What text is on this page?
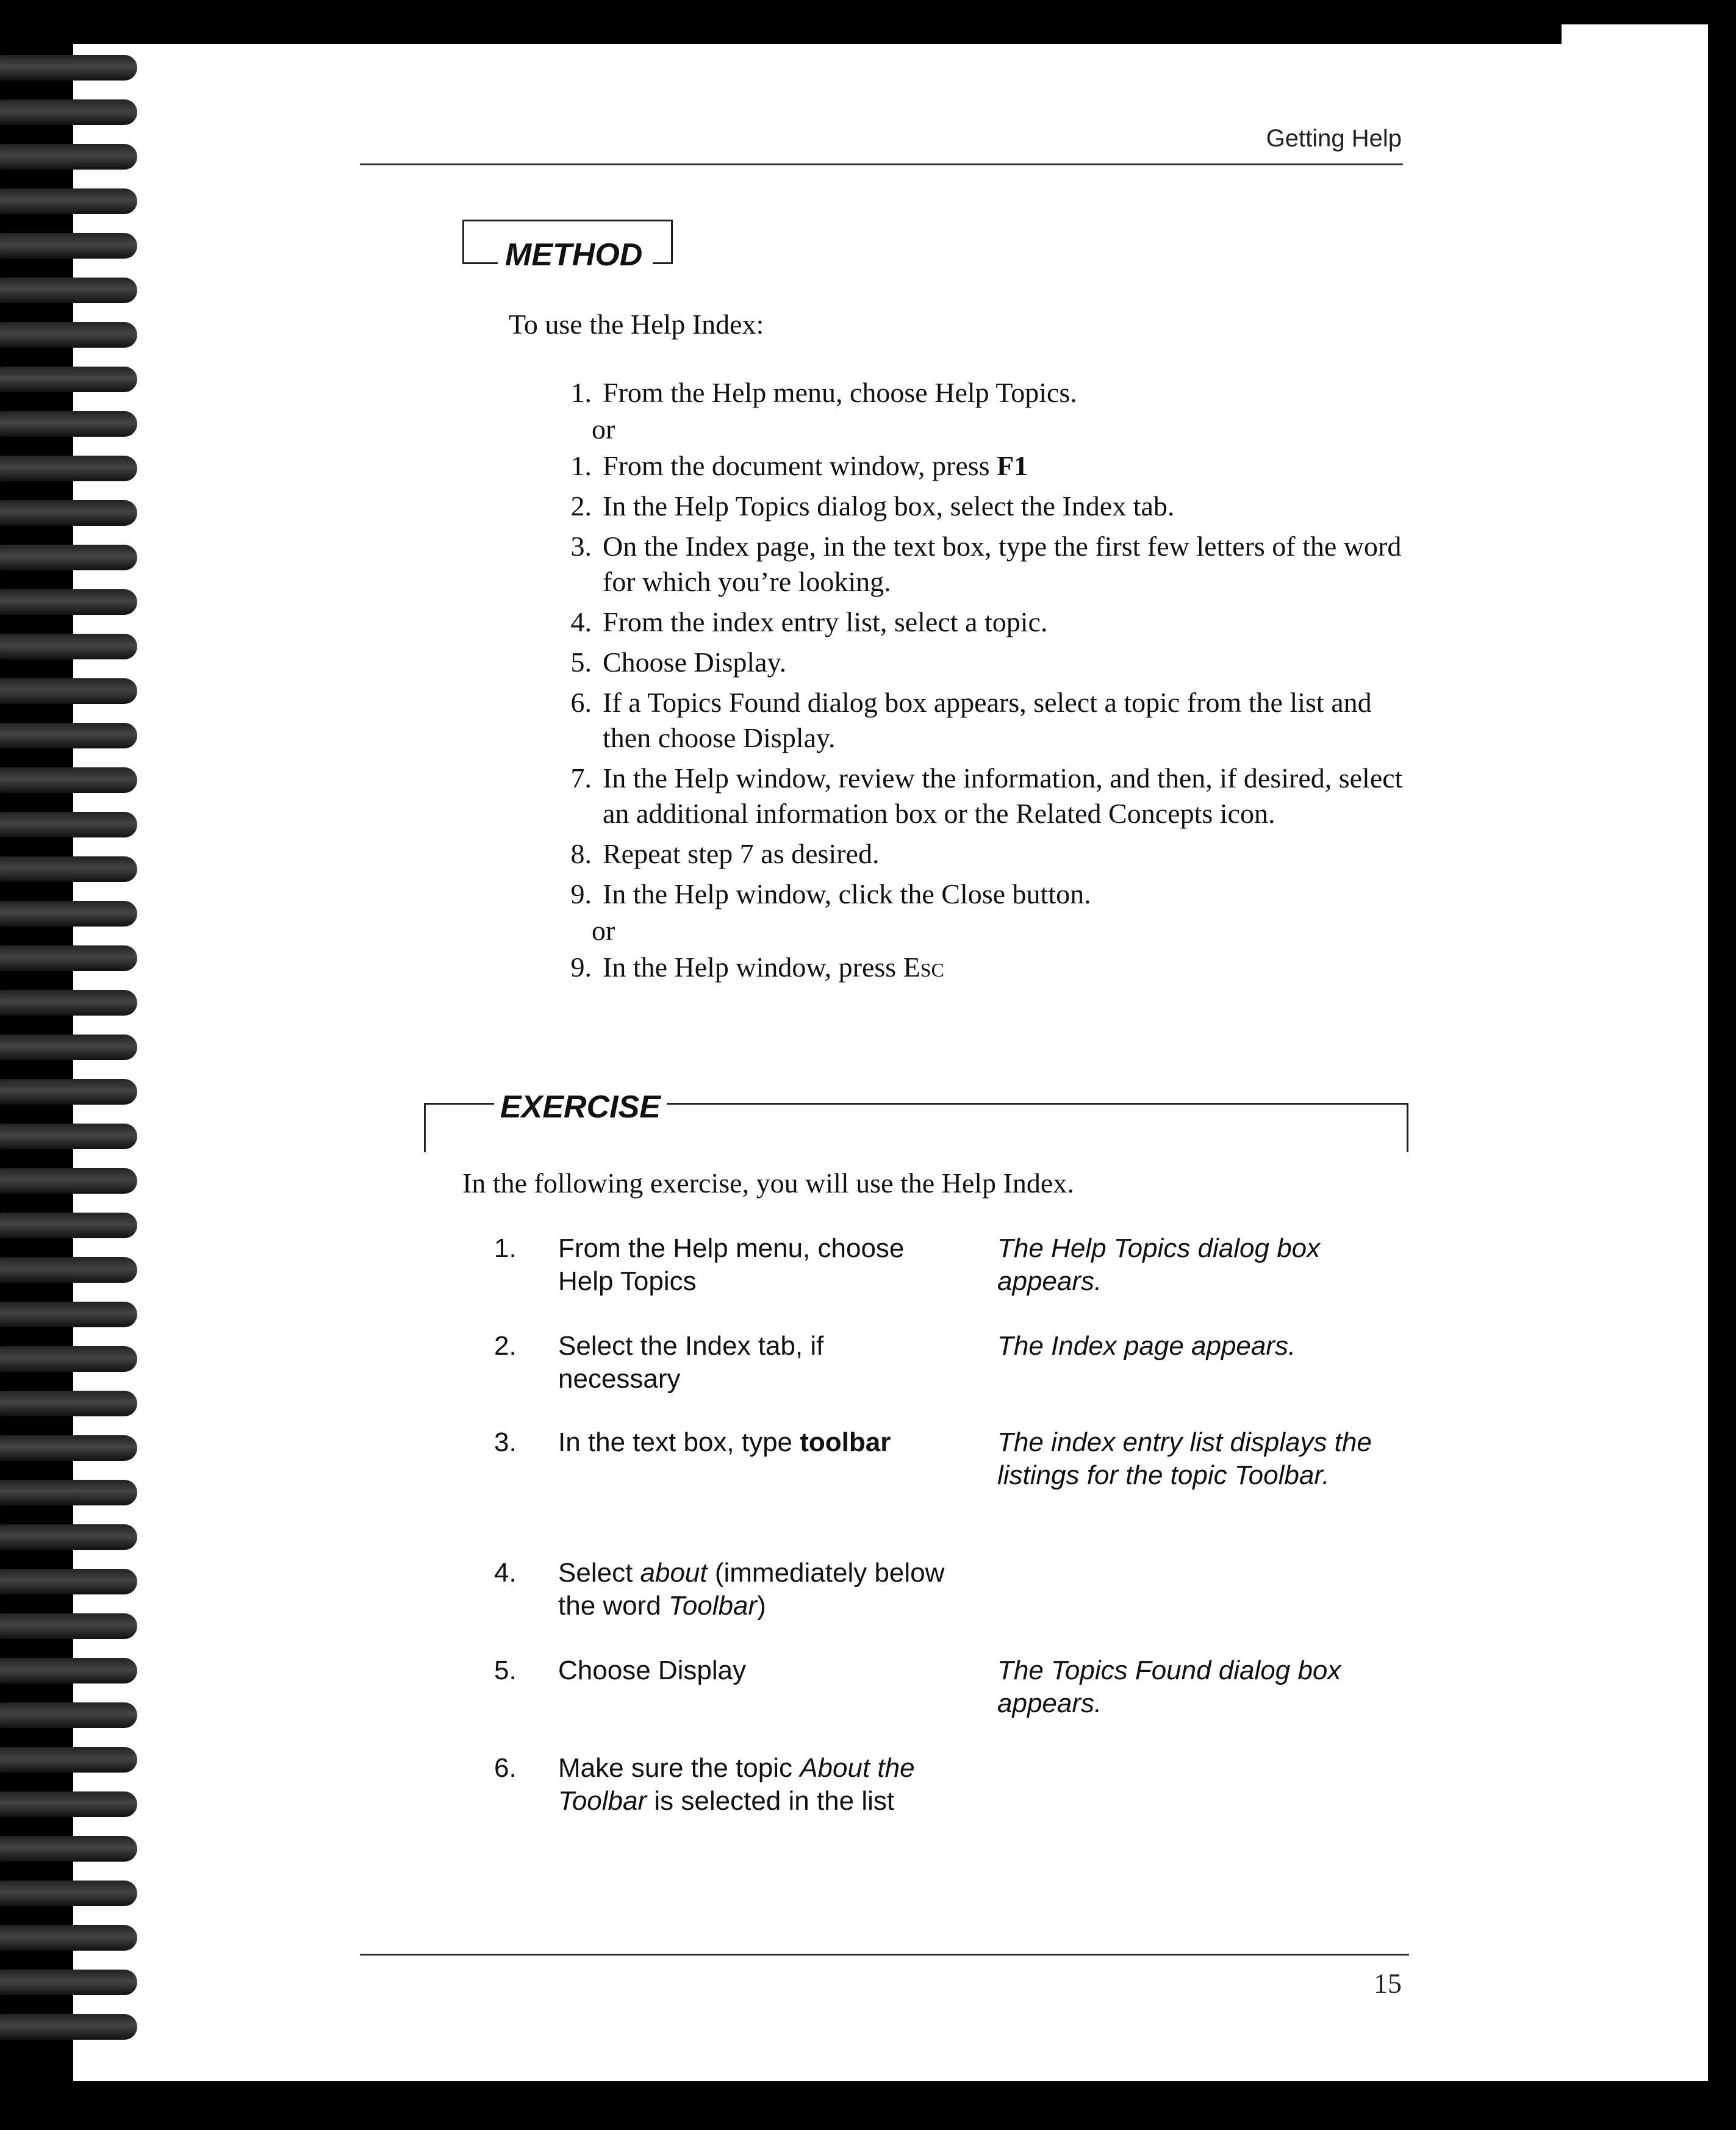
Getting Help
METHOD
To use the Help Index:
1. From the Help menu, choose Help Topics.
or
1. From the document window, press F1
2. In the Help Topics dialog box, select the Index tab.
3. On the Index page, in the text box, type the first few letters of the word for which you’re looking.
4. From the index entry list, select a topic.
5. Choose Display.
6. If a Topics Found dialog box appears, select a topic from the list and then choose Display.
7. In the Help window, review the information, and then, if desired, select an additional information box or the Related Concepts icon.
8. Repeat step 7 as desired.
9. In the Help window, click the Close button.
or
9. In the Help window, press Esc
EXERCISE
In the following exercise, you will use the Help Index.
1. From the Help menu, choose Help Topics
The Help Topics dialog box appears.
2. Select the Index tab, if necessary
The Index page appears.
3. In the text box, type toolbar	The index entry list displays the listings for the topic Toolbar.
4. Select about (immediately below the word Toolbar)
5. Choose Display	The Topics Found dialog box appears.
6. Make sure the topic About the Toolbar is selected in the list
15
